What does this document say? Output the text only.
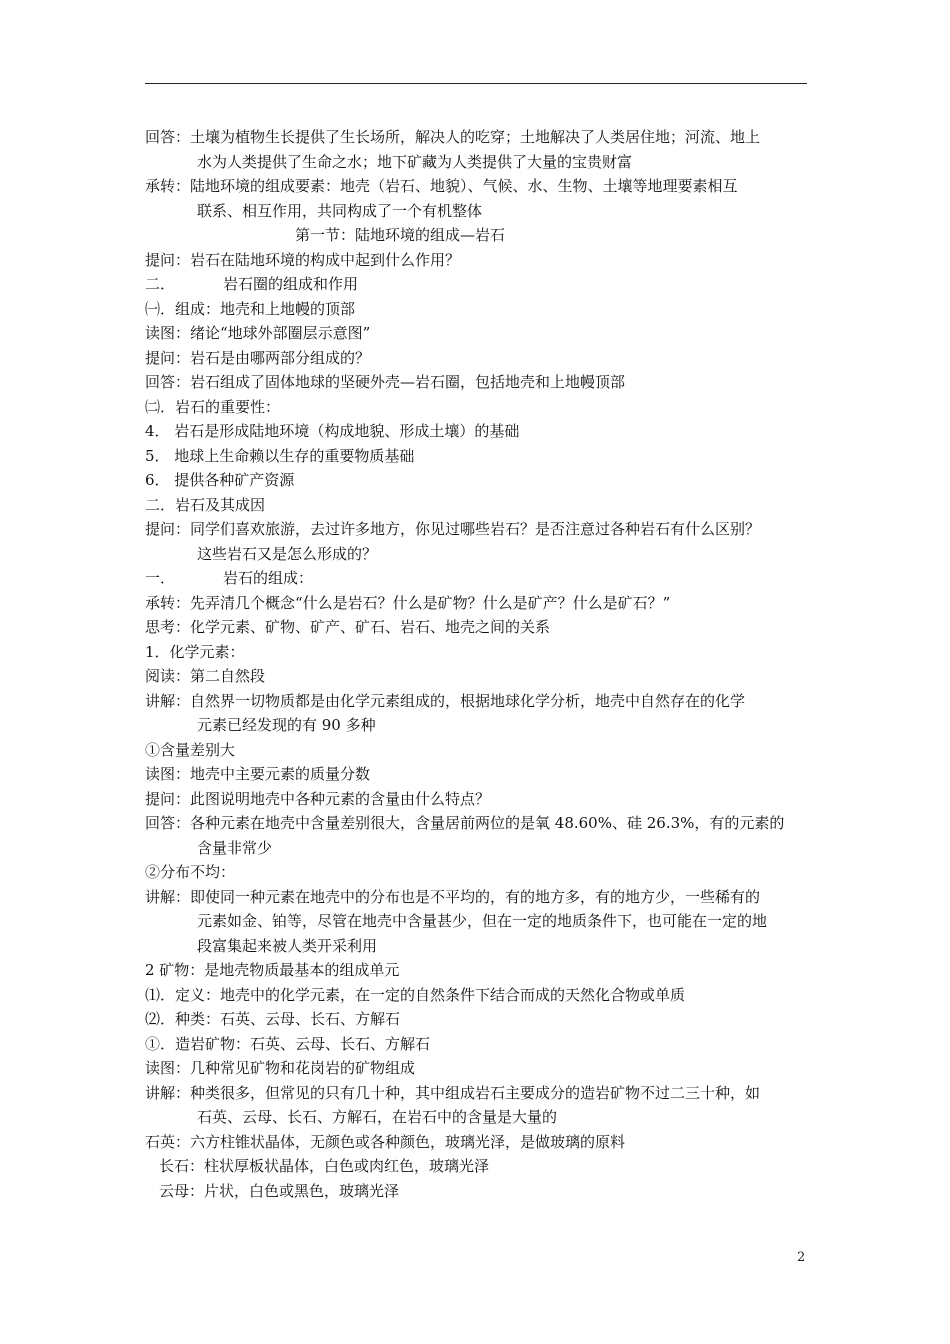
回答：土壤为植物生长提供了生长场所，解决人的吃穿；土地解决了人类居住地；河流、地上
水为人类提供了生命之水；地下矿藏为人类提供了大量的宝贵财富
承转：陆地环境的组成要素：地壳（岩石、地貌）、气候、水、生物、土壤等地理要素相互
联系、相互作用，共同构成了一个有机整体
第一节：陆地环境的组成—岩石
提问：岩石在陆地环境的构成中起到什么作用？
二．	岩石圈的组成和作用
㈠．组成：地壳和上地幔的顶部
读图：绪论“地球外部圈层示意图”
提问：岩石是由哪两部分组成的？
回答：岩石组成了固体地球的坚硬外壳—岩石圈，包括地壳和上地幔顶部
㈡．岩石的重要性：
4． 岩石是形成陆地环境（构成地貌、形成土壤）的基础
5． 地球上生命赖以生存的重要物质基础
6． 提供各种矿产资源
二．岩石及其成因
提问：同学们喜欢旅游，去过许多地方，你见过哪些岩石？是否注意过各种岩石有什么区别？
这些岩石又是怎么形成的？
一．	岩石的组成：
承转：先弄清几个概念“什么是岩石？什么是矿物？什么是矿产？什么是矿石？”
思考：化学元素、矿物、矿产、矿石、岩石、地壳之间的关系
1．化学元素：
阅读：第二自然段
讲解：自然界一切物质都是由化学元素组成的，根据地球化学分析，地壳中自然存在的化学
元素已经发现的有 90 多种
①含量差别大
读图：地壳中主要元素的质量分数
提问：此图说明地壳中各种元素的含量由什么特点？
回答：各种元素在地壳中含量差别很大，含量居前两位的是氧 48.60%、硅 26.3%，有的元素的
含量非常少
②分布不均：
讲解：即使同一种元素在地壳中的分布也是不平均的，有的地方多，有的地方少，一些稀有的
元素如金、铂等，尽管在地壳中含量甚少，但在一定的地质条件下，也可能在一定的地
段富集起来被人类开采利用
2 矿物：是地壳物质最基本的组成单元
⑴．定义：地壳中的化学元素，在一定的自然条件下结合而成的天然化合物或单质
⑵．种类：石英、云母、长石、方解石
①．造岩矿物：石英、云母、长石、方解石
读图：几种常见矿物和花岗岩的矿物组成
讲解：种类很多，但常见的只有几十种，其中组成岩石主要成分的造岩矿物不过二三十种，如
石英、云母、长石、方解石，在岩石中的含量是大量的
石英：六方柱锥状晶体，无颜色或各种颜色，玻璃光泽，是做玻璃的原料
长石：柱状厚板状晶体，白色或肉红色，玻璃光泽
云母：片状，白色或黑色，玻璃光泽
2
